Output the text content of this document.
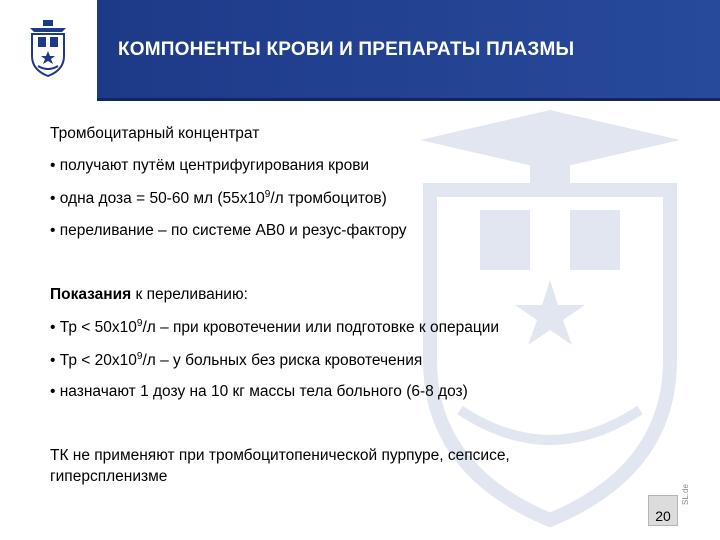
КОМПОНЕНТЫ КРОВИ И ПРЕПАРАТЫ ПЛАЗМЫ
Тромбоцитарный концентрат
• получают путём центрифугирования крови
• одна доза = 50-60 мл ($55х10^9/л$ тромбоцитов)
• переливание – по системе АВ0 и резус-фактору
Показания к переливанию:
• Тр < $50х10^9/л$ – при кровотечении или подготовке к операции
• Тр < $20х10^9/л$ – у больных без риска кровотечения
• назначают 1 дозу на 10 кг массы тела больного (6-8 доз)
ТК не применяют при тромбоцитопенической пурпуре, сепсисе,
гиперспленизме
20
SL.de
